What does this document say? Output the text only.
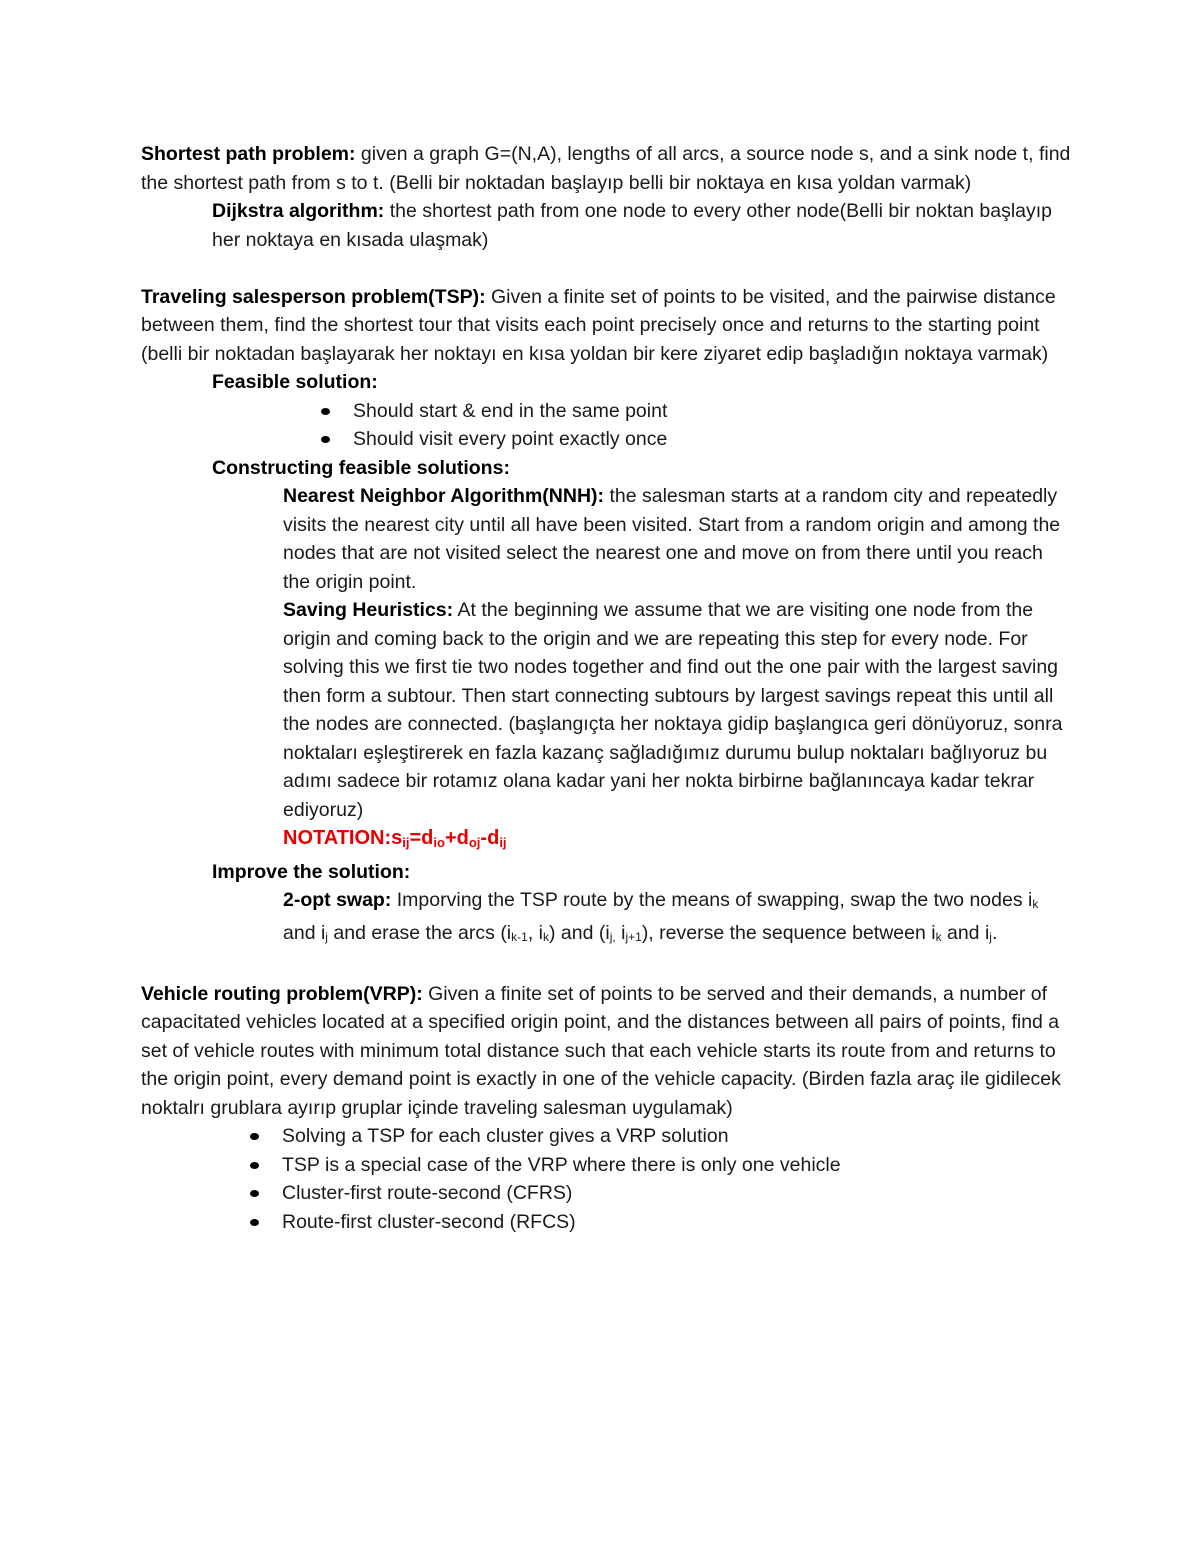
Shortest path problem: given a graph G=(N,A), lengths of all arcs, a source node s, and a sink node t, find the shortest path from s to t. (Belli bir noktadan başlayıp belli bir noktaya en kısa yoldan varmak)

Dijkstra algorithm: the shortest path from one node to every other node(Belli bir noktan başlayıp her noktaya en kısada ulaşmak)

Traveling salesperson problem(TSP): Given a finite set of points to be visited, and the pairwise distance between them, find the shortest tour that visits each point precisely once and returns to the starting point (belli bir noktadan başlayarak her noktayı en kısa yoldan bir kere ziyaret edip başladığın noktaya varmak)

Feasible solution:

Should start & end in the same point
Should visit every point exactly once

Constructing feasible solutions:

Nearest Neighbor Algorithm(NNH): the salesman starts at a random city and repeatedly visits the nearest city until all have been visited. Start from a random origin and among the nodes that are not visited select the nearest one and move on from there until you reach the origin point.

Saving Heuristics: At the beginning we assume that we are visiting one node from the origin and coming back to the origin and we are repeating this step for every node. For solving this we first tie two nodes together and find out the one pair with the largest saving then form a subtour. Then start connecting subtours by largest savings repeat this until all the nodes are connected. (başlangıçta her noktaya gidip başlangıca geri dönüyoruz, sonra noktaları eşleştirerek en fazla kazanç sağladığımız durumu bulup noktaları bağlıyoruz bu adımı sadece bir rotamız olana kadar yani her nokta birbirne bağlanıncaya kadar tekrar ediyoruz)

NOTATION:sij=dio+doj-dij

Improve the solution:

2-opt swap: Imporving the TSP route by the means of swapping, swap the two nodes ik and ij and erase the arcs (ik-1, ik) and (ij, ij+1), reverse the sequence between ik and ij.

Vehicle routing problem(VRP): Given a finite set of points to be served and their demands, a number of capacitated vehicles located at a specified origin point, and the distances between all pairs of points, find a set of vehicle routes with minimum total distance such that each vehicle starts its route from and returns to the origin point, every demand point is exactly in one of the vehicle capacity. (Birden fazla araç ile gidilecek noktalrı grublara ayırıp gruplar içinde traveling salesman uygulamak)

Solving a TSP for each cluster gives a VRP solution
TSP is a special case of the VRP where there is only one vehicle
Cluster-first route-second (CFRS)
Route-first cluster-second (RFCS)
